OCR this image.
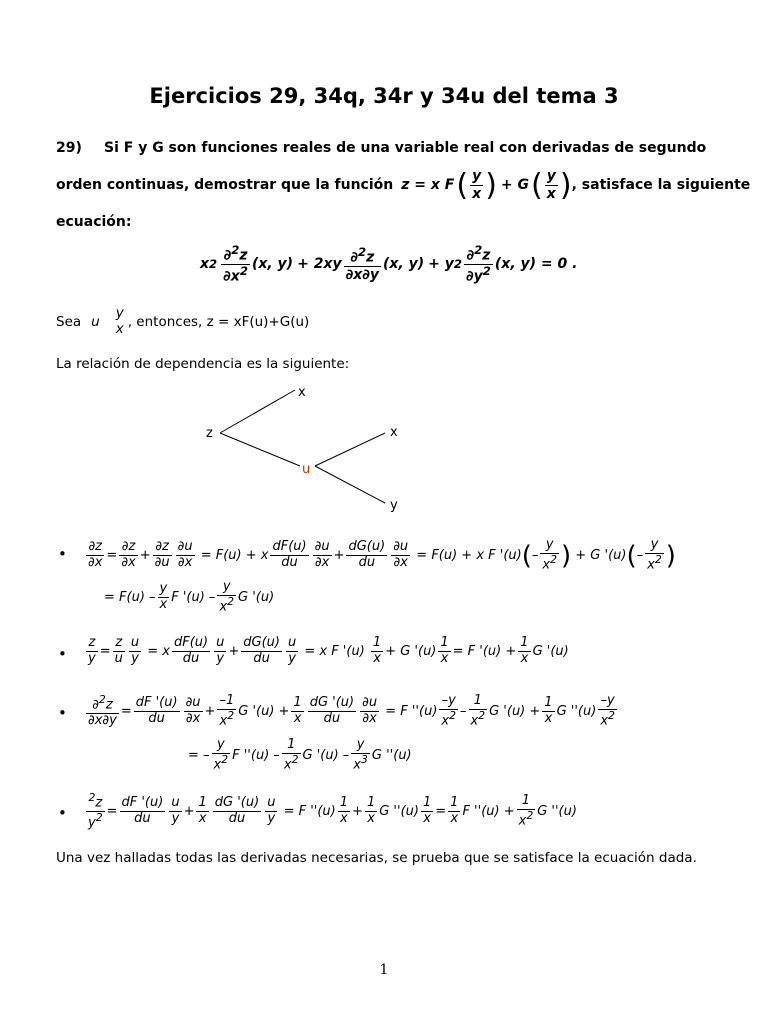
Ejercicios 29, 34q, 34r y 34u del tema 3
29) Si F y G son funciones reales de una variable real con derivadas de segundo
orden continuas, demostrar que la función z = x F ( $\frac{y}{x}$ ) + G ( $\frac{y}{x}$ ) , satisface la siguiente
ecuación:
x $2 \frac{\partial^2z}{\partial x^2} (x$, $y) + 2xy \frac{\partial^2z}{\partial x\partial y} (x$, y) + y $2 \frac{\partial^2z}{\partial y^2} (x$, y) = 0 .
Sea u
y
x , entonces, z = xF(u)+G(u)
La relación de dependencia es la siguiente:
z
x
u
x
y
• $\frac{\partial z}{\partial x} = \frac{\partial z}{\partial x} + \frac{\partial z}{\partial u} \frac{\partial u}{\partial x} = F(u) + x \frac{dF(u)}{du} \frac{\partial u}{\partial x} + \frac{dG(u)}{du} \frac{\partial u}{\partial x} = F(u) + x$ F '(u) ( – $\frac{y}{x^2}$ ) + G '(u) ( – $\frac{y}{x^2}$ )
= $F(u) - \frac{y}{x}$ F '$(u) - \frac{y}{x^2}$ G '(u)
• $\frac{z}{y} = \frac{z}{u} \frac{u}{y} = x \frac{dF(u)}{du} \frac{u}{y} + \frac{dG(u)}{du} \frac{u}{y} = x$ F '$(u) \frac{1}{x} + G$ '$(u) \frac{1}{x} = F$ '$(u) + \frac{1}{x}$ G '(u)
• $\frac{\partial^2z}{\partial x\partial y} = \frac{dF '(u)}{du} \frac{\partial u}{\partial x} + \frac{-1}{x^2}$ G '$(u) + \frac{1}{x} \frac{dG '(u)}{du} \frac{\partial u}{\partial x} = F$ ''$(u) \frac{-y}{x^2} - \frac{1}{x^2}$ G '$(u) + \frac{1}{x}$ G ''$(u) \frac{-y}{x^2}$
= – $\frac{y}{x^2}$ F ''$(u) - \frac{1}{x^2}$ G '$(u) - \frac{y}{x^3}$ G ''(u)
• $\frac{^2z}{y^2} = \frac{dF '(u)}{du} \frac{u}{y} + \frac{1}{x} \frac{dG '(u)}{du} \frac{u}{y} = F$ ''$(u) \frac{1}{x} + \frac{1}{x}$ G ''$(u) \frac{1}{x} = \frac{1}{x}$ F ''$(u) + \frac{1}{x^2}$ G ''(u)
Una vez halladas todas las derivadas necesarias, se prueba que se satisface la ecuación dada.
1
